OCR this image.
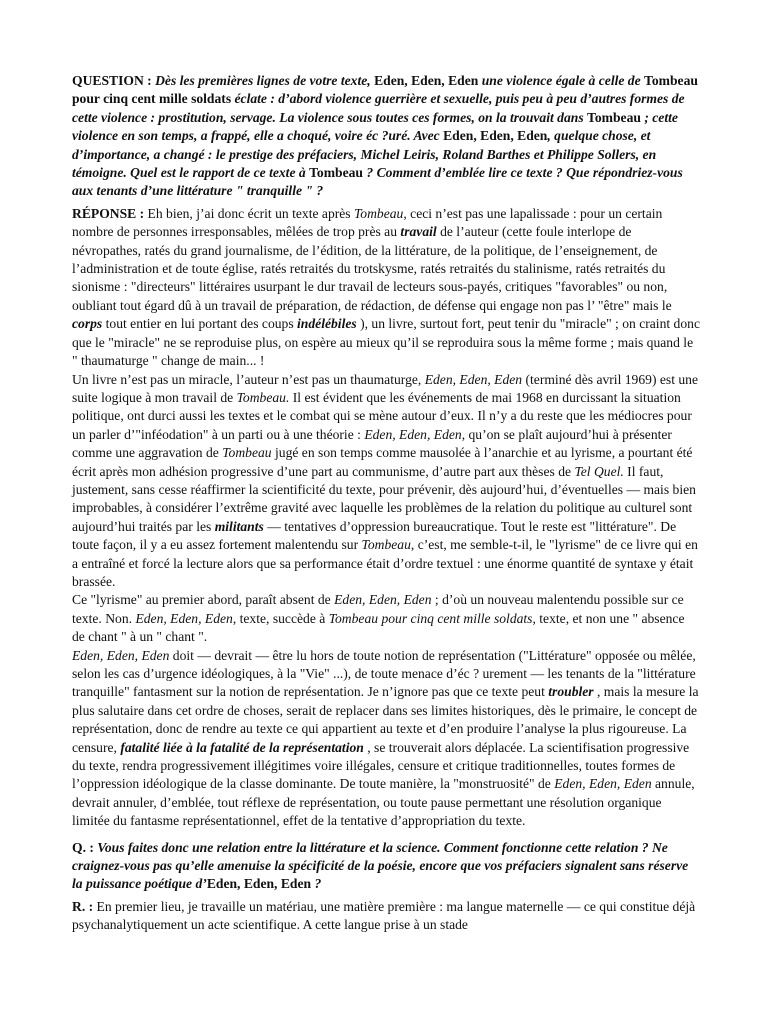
QUESTION : Dès les premières lignes de votre texte, Eden, Eden, Eden une violence égale à celle de Tombeau pour cinq cent mille soldats éclate : d’abord violence guerrière et sexuelle, puis peu à peu d’autres formes de cette violence : prostitution, servage. La violence sous toutes ces formes, on la trouvait dans Tombeau ; cette violence en son temps, a frappé, elle a choqué, voire éc ?uré. Avec Eden, Eden, Eden, quelque chose, et d’importance, a changé : le prestige des préfaciers, Michel Leiris, Roland Barthes et Philippe Sollers, en témoigne. Quel est le rapport de ce texte à Tombeau ? Comment d’emblée lire ce texte ? Que répondriez-vous aux tenants d’une littérature " tranquille " ?

RÉPONSE : Eh bien, j’ai donc écrit un texte après Tombeau, ceci n’est pas une lapalissade : pour un certain nombre de personnes irresponsables, mêlées de trop près au travail de l’auteur (cette foule interlope de névropathes, ratés du grand journalisme, de l’édition, de la littérature, de la politique, de l’enseignement, de l’administration et de toute église, ratés retraités du trotskysme, ratés retraités du stalinisme, ratés retraités du sionisme : "directeurs" littéraires usurpant le dur travail de lecteurs sous-payés, critiques "favorables" ou non, oubliant tout égard dû à un travail de préparation, de rédaction, de défense qui engage non pas l’ "être" mais le corps tout entier en lui portant des coups indélébiles ), un livre, surtout fort, peut tenir du "miracle" ; on craint donc que le "miracle" ne se reproduise plus, on espère au mieux qu’il se reproduira sous la même forme ; mais quand le " thaumaturge " change de main... !

Un livre n’est pas un miracle, l’auteur n’est pas un thaumaturge, Eden, Eden, Eden (terminé dès avril 1969) est une suite logique à mon travail de Tombeau. Il est évident que les événements de mai 1968 en durcissant la situation politique, ont durci aussi les textes et le combat qui se mène autour d’eux. Il n’y a du reste que les médiocres pour un parler d’"inféodation" à un parti ou à une théorie : Eden, Eden, Eden, qu’on se plaît aujourd’hui à présenter comme une aggravation de Tombeau jugé en son temps comme mausolée à l’anarchie et au lyrisme, a pourtant été écrit après mon adhésion progressive d’une part au communisme, d’autre part aux thèses de Tel Quel. Il faut, justement, sans cesse réaffirmer la scientificité du texte, pour prévenir, dès aujourd’hui, d’éventuelles — mais bien improbables, à considérer l’extrême gravité avec laquelle les problèmes de la relation du politique au culturel sont aujourd’hui traités par les militants — tentatives d’oppression bureaucratique. Tout le reste est "littérature". De toute façon, il y a eu assez fortement malentendu sur Tombeau, c’est, me semble-t-il, le "lyrisme" de ce livre qui en a entraîné et forcé la lecture alors que sa performance était d’ordre textuel : une énorme quantité de syntaxe y était brassée.

Ce "lyrisme" au premier abord, paraît absent de Eden, Eden, Eden ; d’où un nouveau malentendu possible sur ce texte. Non. Eden, Eden, Eden, texte, succède à Tombeau pour cinq cent mille soldats, texte, et non une " absence de chant " à un " chant ".

Eden, Eden, Eden doit — devrait — être lu hors de toute notion de représentation ("Littérature" opposée ou mêlée, selon les cas d’urgence idéologiques, à la "Vie" ...), de toute menace d’éc ? urement — les tenants de la "littérature tranquille" fantasment sur la notion de représentation. Je n’ignore pas que ce texte peut troubler , mais la mesure la plus salutaire dans cet ordre de choses, serait de replacer dans ses limites historiques, dès le primaire, le concept de représentation, donc de rendre au texte ce qui appartient au texte et d’en produire l’analyse la plus rigoureuse. La censure, fatalité liée à la fatalité de la représentation , se trouverait alors déplacée. La scientifisation progressive du texte, rendra progressivement illégitimes voire illégales, censure et critique traditionnelles, toutes formes de l’oppression idéologique de la classe dominante. De toute manière, la "monstruosité" de Eden, Eden, Eden annule, devrait annuler, d’emblée, tout réflexe de représentation, ou toute pause permettant une résolution organique limitée du fantasme représentationnel, effet de la tentative d’appropriation du texte.

Q. : Vous faites donc une relation entre la littérature et la science. Comment fonctionne cette relation ? Ne craignez-vous pas qu’elle amenuise la spécificité de la poésie, encore que vos préfaciers signalent sans réserve la puissance poétique d’Eden, Eden, Eden ?

R. : En premier lieu, je travaille un matériau, une matière première : ma langue maternelle — ce qui constitue déjà psychanalytiquement un acte scientifique. A cette langue prise à un stade
